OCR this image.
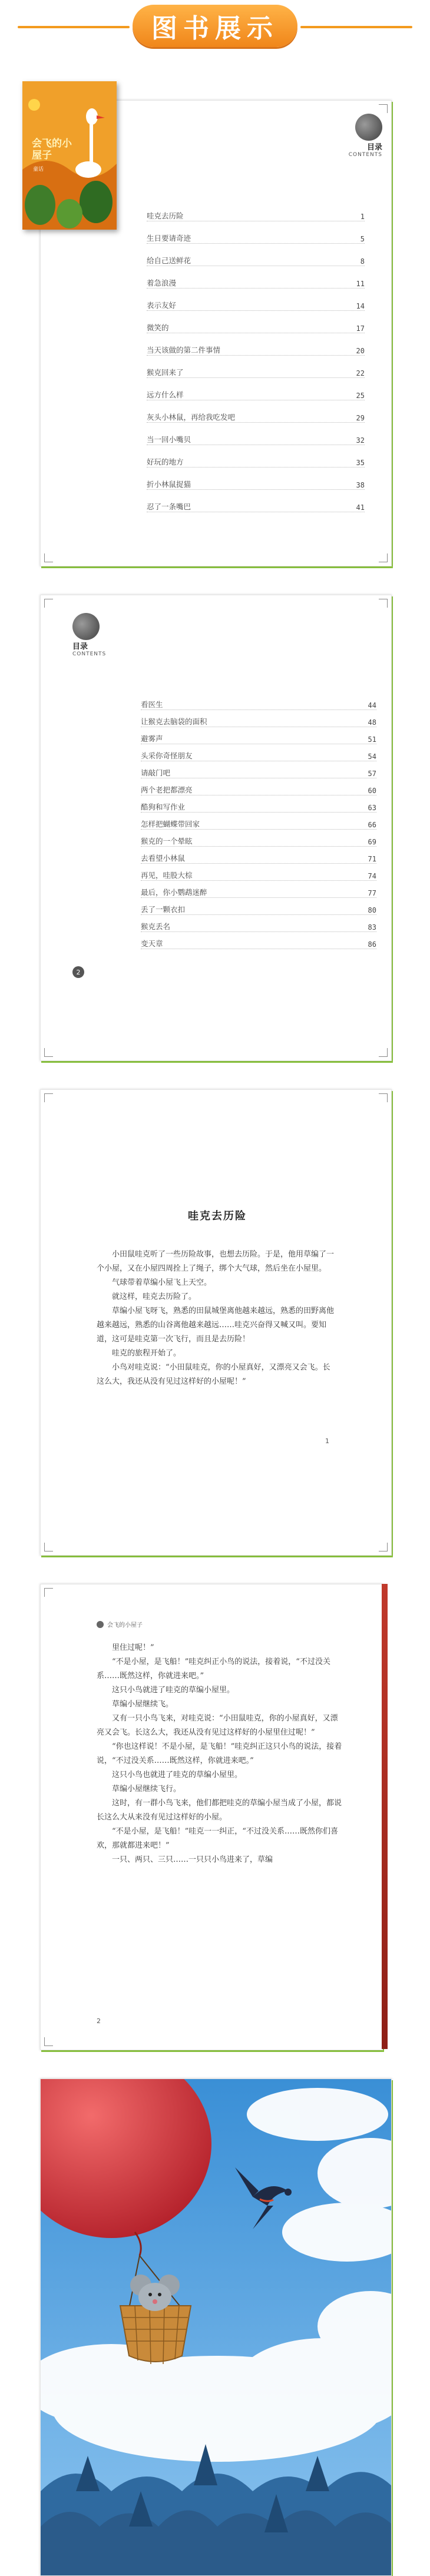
图书展示
目录
CONTENTS
哇克去历险	1
生日要请奇迹	5
给自己送鲜花	8
着急浪漫	11
表示友好	14
微笑的	17
当天该做的第二件事情	20
猴克回来了	22
远方什么样	25
灰头小林鼠，再给我吃发吧	29
当一回小嘴贝	32
好玩的地方	35
折小林鼠捉猫	38
忍了一条嘴巴	41
会飞的小屋子
童话
目录
CONTENTS
看医生	44
让猴克去脑袋的面积	48
避雾声	51
头采你奇怪朋友	54
请敲门吧	57
两个老把都漂亮	60
酷狗和写作业	63
怎样把蝴蝶带回家	66
猴克的一个晕眩	69
去看望小林鼠	71
再见，哇股大棕	74
最后，你小鹦鹉迷醉	77
丢了一颗衣扣	80
猴克丢名	83
变天章	86
2
哇克去历险

小田鼠哇克听了一些历险故事，也想去历险。于是，他用草编了一个小屋，又在小屋四周拴上了绳子，绑个大气球，然后坐在小屋里。

气球带着草编小屋飞上天空。

就这样，哇克去历险了。

草编小屋飞呀飞，熟悉的田鼠城堡离他越来越远，熟悉的田野离他越来越远，熟悉的山谷离他越来越远……哇克兴奋得又喊又叫。要知道，这可是哇克第一次飞行，而且是去历险！

哇克的旅程开始了。

小鸟对哇克说：“小田鼠哇克，你的小屋真好，又漂亮又会飞。长这么大，我还从没有见过这样好的小屋呢！”

1
会飞的小屋子

里住过呢！”

“不是小屋，是飞船！”哇克纠正小鸟的说法，接着说，“不过没关系……既然这样，你就进来吧。”

这只小鸟就进了哇克的草编小屋里。

草编小屋继续飞。

又有一只小鸟飞来，对哇克说：“小田鼠哇克，你的小屋真好，又漂亮又会飞。长这么大，我还从没有见过这样好的小屋里住过呢！”

“你也这样说！不是小屋，是飞船！”哇克纠正这只小鸟的说法，接着说，“不过没关系……既然这样，你就进来吧。”

这只小鸟也就进了哇克的草编小屋里。

草编小屋继续飞行。

这时，有一群小鸟飞来，他们都把哇克的草编小屋当成了小屋，都说长这么大从来没有见过这样好的小屋。

“不是小屋，是飞船！”哇克一一纠正，“不过没关系……既然你们喜欢，那就都进来吧！”

一只、两只、三只……一只只小鸟进来了，草编

2
